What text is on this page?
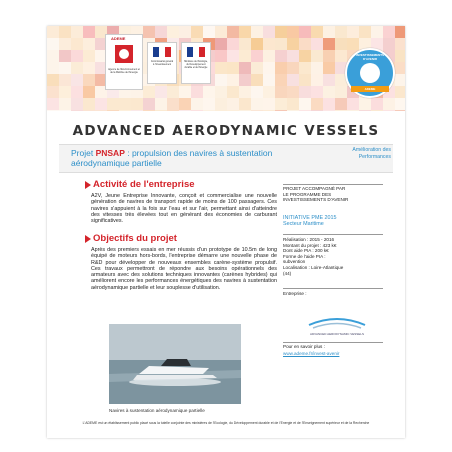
ADEME
Agence de l'Environnement et de la Maîtrise de l'Energie
Commissariat général à l'investissement
Ministère de l'Ecologie, du Développement durable et de l'Energie
INVESTISSEMENTS
D'AVENIR
ADEME
ADVANCED AERODYNAMIC VESSELS
Projet PNSAP : propulsion des navires à sustentation aérodynamique partielle
Amélioration des
Performances
Activité de l'entreprise
A2V, Jeune Entreprise Innovante, conçoit et commercialise une nouvelle génération de navires de transport rapide de moins de 100 passagers. Ces navires s'appuient à la fois sur l'eau et sur l'air, permettant ainsi d'atteindre des vitesses très élevées tout en générant des économies de carburant significatives.
Objectifs du projet
Après des premiers essais en mer réussis d'un prototype de 10.5m de long équipé de moteurs hors-bords, l'entreprise démarre une nouvelle phase de R&D pour développer de nouveaux ensembles carène-système propulsif. Ces travaux permettront de répondre aux besoins opérationnels des armateurs avec des solutions techniques innovantes (carènes hybrides) qui améliorent encore les performances énergétiques des navires à sustentation aérodynamique partielle et leur souplesse d'utilisation.
PROJET ACCOMPAGNÉ PAR
LE PROGRAMME DES
INVESTISSEMENTS D'AVENIR
INITIATIVE PME 2015
Secteur Maritime
Réalisation : 2015 - 2016
Montant du projet : 423 k€
Dont aide PIA : 200 k€
Forme de l'aide PIA :
subvention
Localisation : Loire-Atlantique
(44)
Entreprise :
ADVANCED AERODYNAMIC VESSELS
Pour en savoir plus :
www.ademe.fr/invest-avenir
Navires à sustentation aérodynamique partielle
L'ADEME est un établissement public placé sous la tutelle conjointe des ministères de l'Ecologie, du Développement durable et de l'Energie et de l'Enseignement supérieur et de la Recherche
